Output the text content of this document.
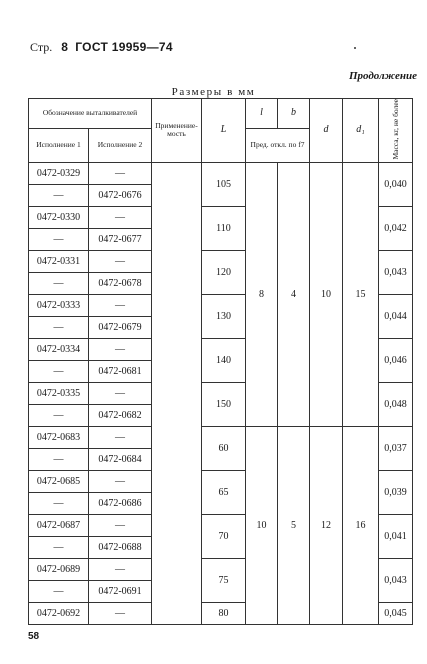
Стр. 8 ГОСТ 19959—74
Продолжение
Размеры в мм
Обозначение выталкивателей		Применениемость	L	l	b	d	d₁	Масса, кг, не более
Исполнение 1	Исполнение 2			Пред. откл. по f7				
0472-0329	—		105	8	4	10	15	0,040
—	0472-0676							
0472-0330	—		110					0,042
—	0472-0677							
0472-0331	—		120					0,043
—	0472-0678							
0472-0333	—		130					0,044
—	0472-0679							
0472-0334	—		140					0,046
—	0472-0681							
0472-0335	—		150					0,048
—	0472-0682							
0472-0683	—		60	10	5	12	16	0,037
—	0472-0684							
0472-0685	—		65					0,039
—	0472-0686							
0472-0687	—		70					0,041
—	0472-0688							
0472-0689	—		75					0,043
—	0472-0691							
0472-0692	—		80					0,045
58
